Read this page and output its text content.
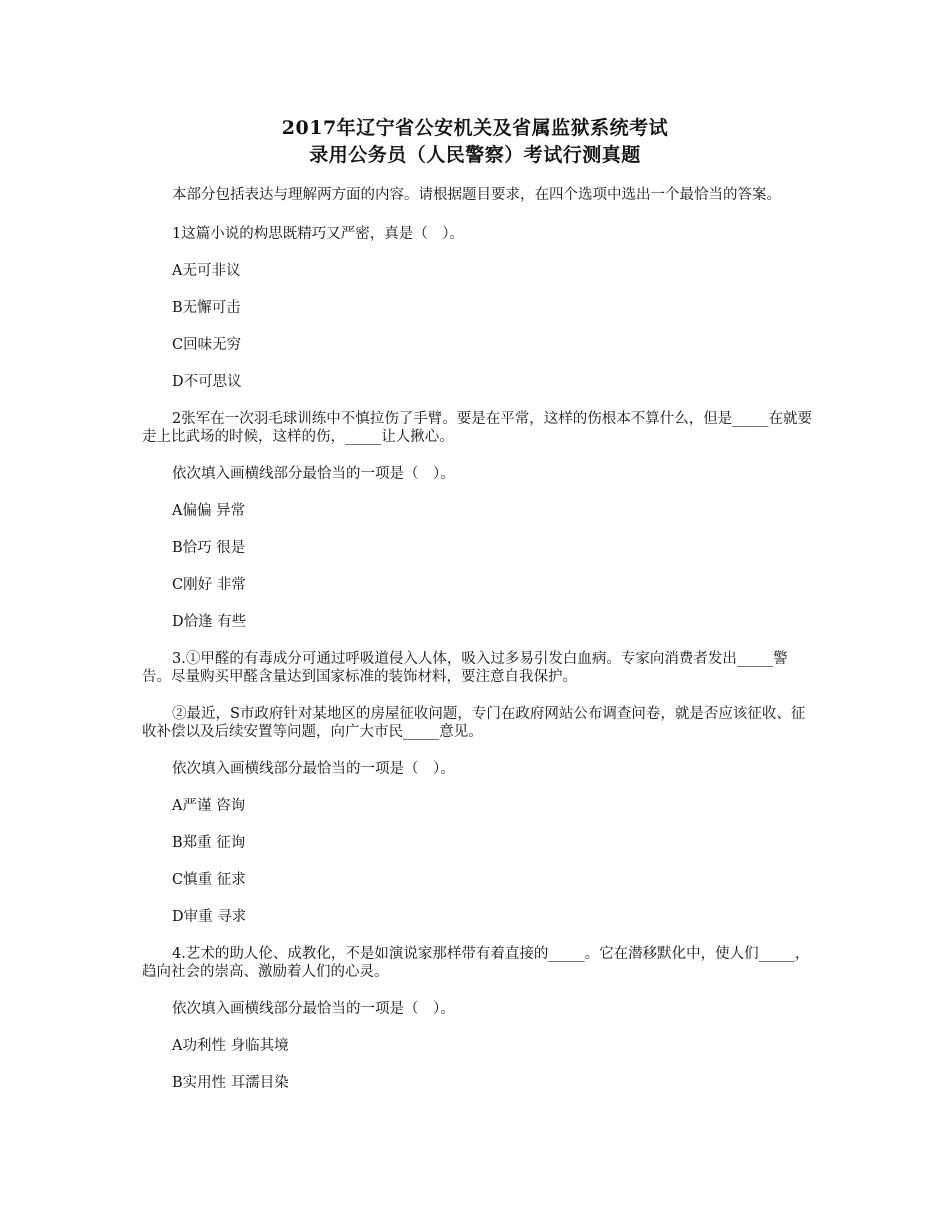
2017年辽宁省公安机关及省属监狱系统考试
录用公务员（人民警察）考试行测真题

本部分包括表达与理解两方面的内容。请根据题目要求，在四个选项中选出一个最恰当的答案。

1这篇小说的构思既精巧又严密，真是（　）。

A无可非议

B无懈可击

C回味无穷

D不可思议

2张军在一次羽毛球训练中不慎拉伤了手臂。要是在平常，这样的伤根本不算什么，但是_____在就要走上比武场的时候，这样的伤，_____让人揪心。

依次填入画横线部分最恰当的一项是（　）。

A偏偏 异常

B恰巧 很是

C刚好 非常

D恰逢 有些

3.①甲醛的有毒成分可通过呼吸道侵入人体，吸入过多易引发白血病。专家向消费者发出_____警告。尽量购买甲醛含量达到国家标准的装饰材料，要注意自我保护。

②最近，S市政府针对某地区的房屋征收问题，专门在政府网站公布调查问卷，就是否应该征收、征收补偿以及后续安置等问题，向广大市民_____意见。

依次填入画横线部分最恰当的一项是（　）。

A严谨 咨询

B郑重 征询

C慎重 征求

D审重 寻求

4.艺术的助人伦、成教化，不是如演说家那样带有着直接的_____。它在潜移默化中，使人们_____，趋向社会的崇高、激励着人们的心灵。

依次填入画横线部分最恰当的一项是（　）。

A功利性 身临其境

B实用性 耳濡目染
